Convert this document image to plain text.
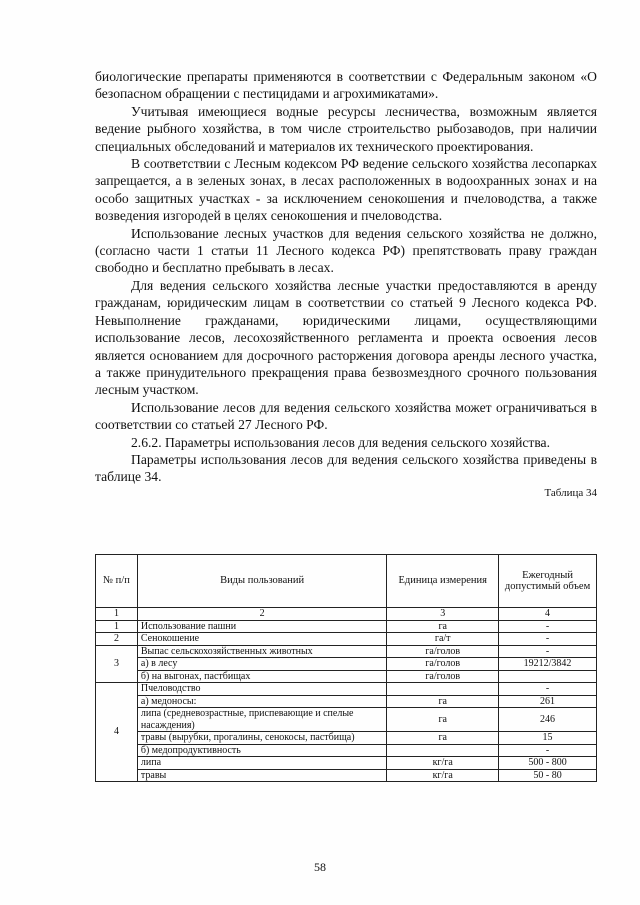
биологические препараты применяются в соответствии с Федеральным законом «О безопасном обращении с пестицидами и агрохимикатами».

Учитывая имеющиеся водные ресурсы лесничества, возможным является ведение рыбного хозяйства, в том числе строительство рыбозаводов, при наличии специальных обследований и материалов их технического проектирования.

В соответствии с Лесным кодексом РФ ведение сельского хозяйства лесопарках запрещается, а в зеленых зонах, в лесах расположенных в водоохранных зонах и на особо защитных участках - за исключением сенокошения и пчеловодства, а также возведения изгородей в целях сенокошения и пчеловодства.

Использование лесных участков для ведения сельского хозяйства не должно, (согласно части 1 статьи 11 Лесного кодекса РФ) препятствовать праву граждан свободно и бесплатно пребывать в лесах.

Для ведения сельского хозяйства лесные участки предоставляются в аренду гражданам, юридическим лицам в соответствии со статьей 9 Лесного кодекса РФ. Невыполнение гражданами, юридическими лицами, осуществляющими использование лесов, лесохозяйственного регламента и проекта освоения лесов является основанием для досрочного расторжения договора аренды лесного участка, а также принудительного прекращения права безвозмездного срочного пользования лесным участком.

Использование лесов для ведения сельского хозяйства может ограничиваться в соответствии со статьей 27 Лесного РФ.

2.6.2. Параметры использования лесов для ведения сельского хозяйства.

Параметры использования лесов для ведения сельского хозяйства приведены в таблице 34.

Таблица 34

№ п/п	Виды пользований	Единица измерения	Ежегодный допустимый объем
1	2	3	4
1	Использование пашни	га	-
2	Сенокошение	га/т	-
3	Выпас сельскохозяйственных животных	га/голов	-
	а) в лесу	га/голов	19212/3842
	б) на выгонах, пастбищах	га/голов	
4	Пчеловодство		-
	а) медоносы:	га	261
	липа (средневозрастные, приспевающие и спелые насаждения)	га	246
	травы (вырубки, прогалины, сенокосы, пастбища)	га	15
	б) медопродуктивность		-
	липа	кг/га	500 - 800
	травы	кг/га	50 - 80
58
